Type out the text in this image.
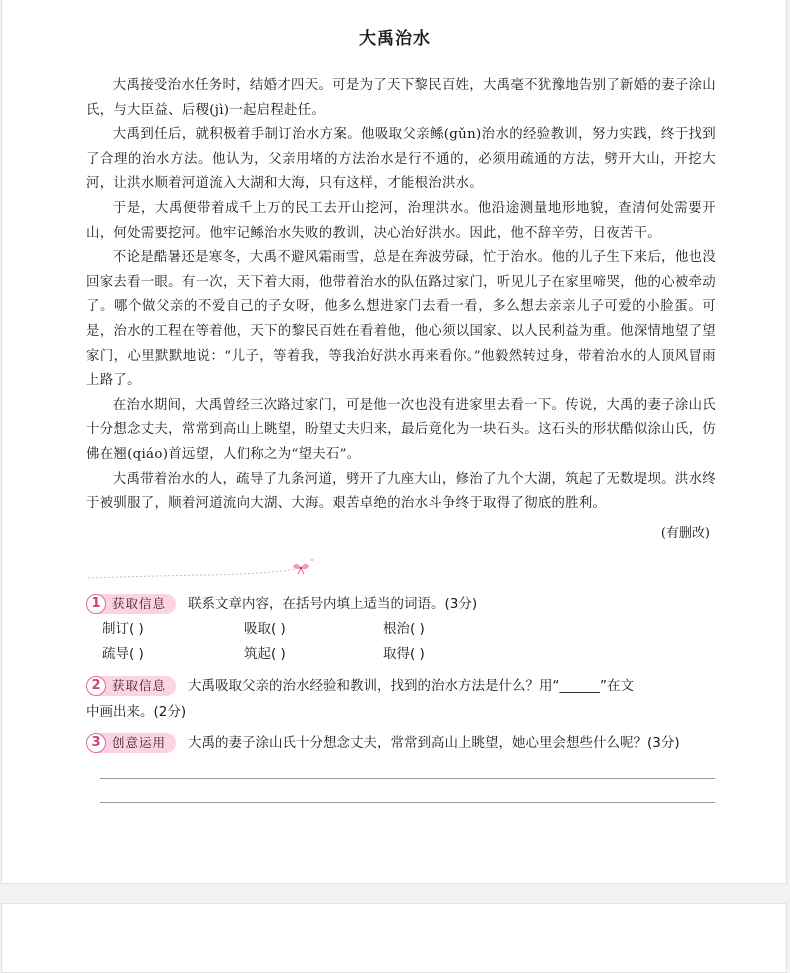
大禹治水

大禹接受治水任务时，结婚才四天。可是为了天下黎民百姓，大禹毫不犹豫地告别了新婚的妻子涂山氏，与大臣益、后稷(jì)一起启程赴任。

大禹到任后，就积极着手制订治水方案。他吸取父亲鲧(gǔn)治水的经验教训，努力实践，终于找到了合理的治水方法。他认为，父亲用堵的方法治水是行不通的，必须用疏通的方法，劈开大山，开挖大河，让洪水顺着河道流入大湖和大海，只有这样，才能根治洪水。

于是，大禹便带着成千上万的民工去开山挖河，治理洪水。他沿途测量地形地貌，查清何处需要开山，何处需要挖河。他牢记鲧治水失败的教训，决心治好洪水。因此，他不辞辛劳，日夜苦干。

不论是酷暑还是寒冬，大禹不避风霜雨雪，总是在奔波劳碌，忙于治水。他的儿子生下来后，他也没回家去看一眼。有一次，天下着大雨，他带着治水的队伍路过家门，听见儿子在家里啼哭，他的心被牵动了。哪个做父亲的不爱自己的子女呀，他多么想进家门去看一看，多么想去亲亲儿子可爱的小脸蛋。可是，治水的工程在等着他，天下的黎民百姓在看着他，他心须以国家、以人民利益为重。他深情地望了望家门，心里默默地说：“儿子，等着我，等我治好洪水再来看你。”他毅然转过身，带着治水的人顶风冒雨上路了。

在治水期间，大禹曾经三次路过家门，可是他一次也没有进家里去看一下。传说，大禹的妻子涂山氏十分想念丈夫，常常到高山上眺望，盼望丈夫归来，最后竟化为一块石头。这石头的形状酷似涂山氏，仿佛在翘(qiáo)首远望，人们称之为“望夫石”。

大禹带着治水的人，疏导了九条河道，劈开了九座大山，修治了九个大湖，筑起了无数堤坝。洪水终于被驯服了，顺着河道流向大湖、大海。艰苦卓绝的治水斗争终于取得了彻底的胜利。

(有删改)
1 获取信息	联系文章内容，在括号内填上适当的词语。(3分)
制订( )	吸取( )	根治( )
疏导( )	筑起( )	取得( )
2 获取信息	大禹吸取父亲的治水经验和教训，找到的治水方法是什么？用“______”在文
中画出来。(2分)
3 创意运用	大禹的妻子涂山氏十分想念丈夫，常常到高山上眺望，她心里会想些什么呢？(3分)
